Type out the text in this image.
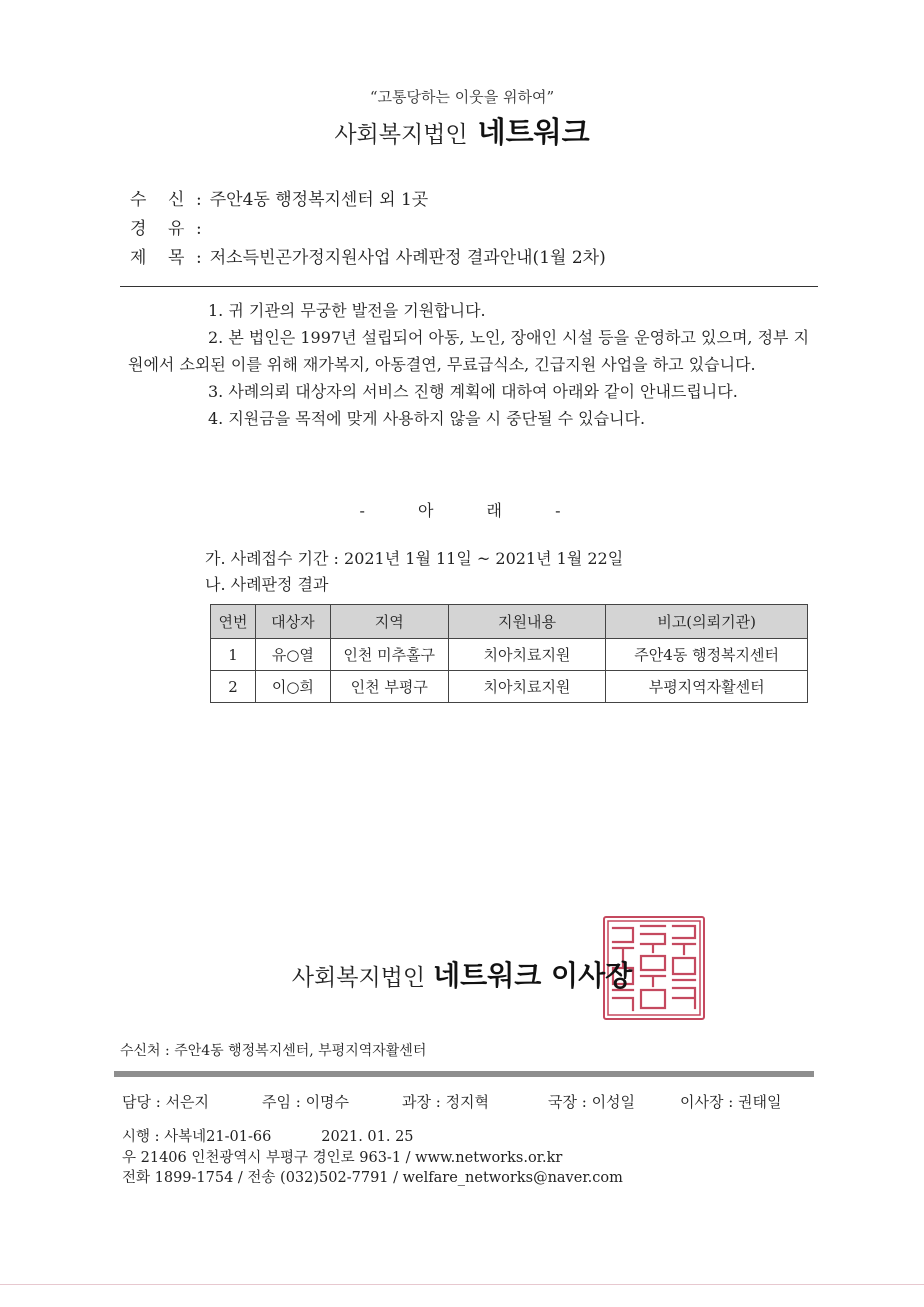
“고통당하는 이웃을 위하여”
사회복지법인 네트워크
수    신 : 주안4동 행정복지센터 외 1곳
경    유 :
제    목 : 저소득빈곤가정지원사업 사례판정 결과안내(1월 2차)

1. 귀 기관의 무궁한 발전을 기원합니다.

2. 본 법인은 1997년 설립되어 아동, 노인, 장애인 시설 등을 운영하고 있으며, 정부 지원에서 소외된 이를 위해 재가복지, 아동결연, 무료급식소, 긴급지원 사업을 하고 있습니다.

3. 사례의뢰 대상자의 서비스 진행 계획에 대하여 아래와 같이 안내드립니다.

4. 지원금을 목적에 맞게 사용하지 않을 시 중단될 수 있습니다.

- 아 래 -
가. 사례접수 기간 : 2021년 1월 11일 ~ 2021년 1월 22일
나. 사례판정 결과
연번	대상자	지역	지원내용	비고(의뢰기관)
1	유○열	인천 미추홀구	치아치료지원	주안4동 행정복지센터
2	이○희	인천 부평구	치아치료지원	부평지역자활센터
사회복지법인 네트워크 이사장
수신처 : 주안4동 행정복지센터, 부평지역자활센터
담당 : 서은지	주임 : 이명수	과장 : 정지혁	국장 : 이성일	이사장 : 권태일
시행 : 사복네21-01-66	2021. 01. 25
우 21406 인천광역시 부평구 경인로 963-1 / www.networks.or.kr
전화 1899-1754 / 전송 (032)502-7791 / welfare_networks@naver.com
